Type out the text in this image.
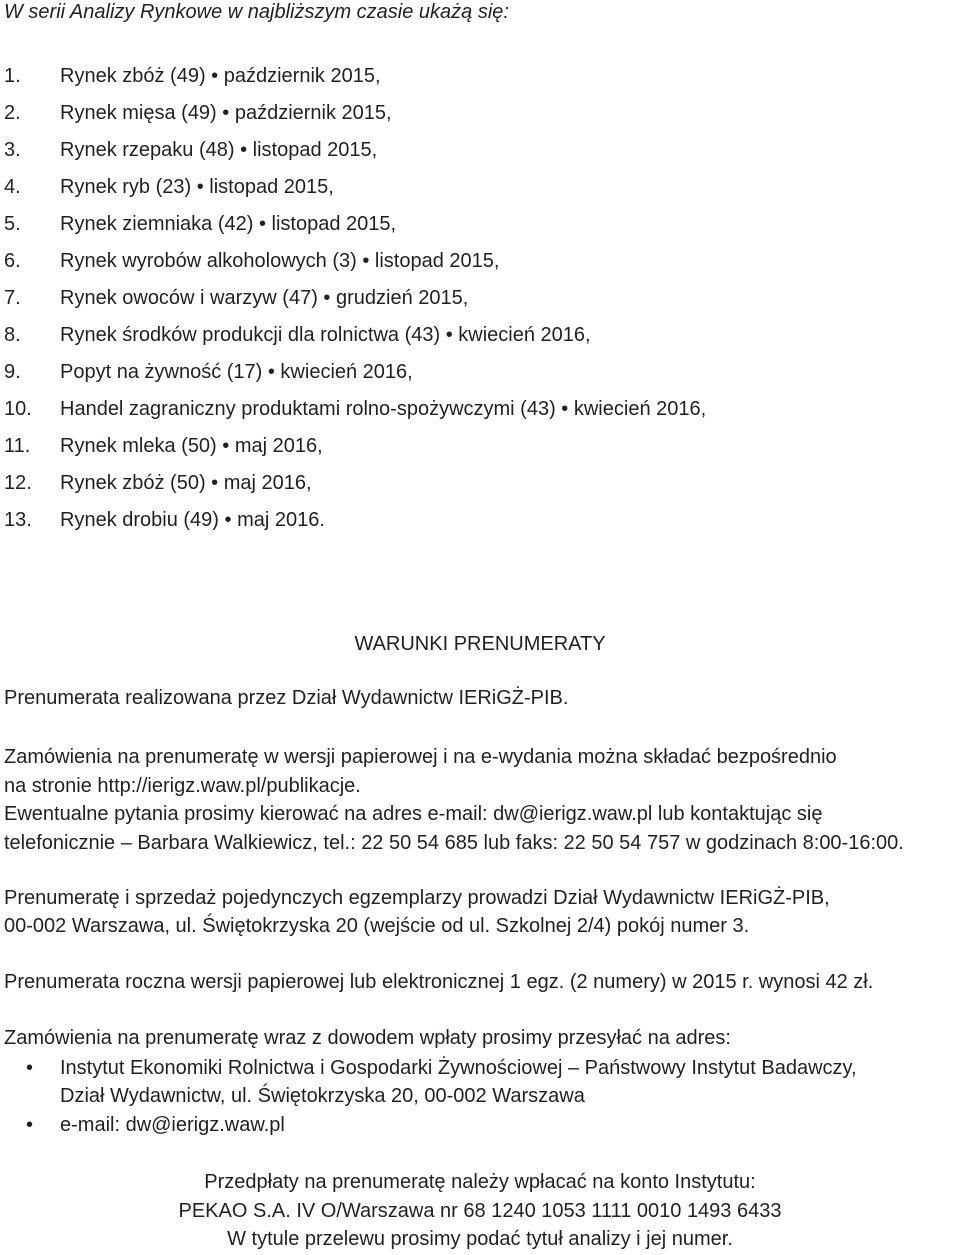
W serii Analizy Rynkowe w najbliższym czasie ukażą się:
1.	Rynek zbóż (49) • październik 2015,
2.	Rynek mięsa (49) • październik 2015,
3.	Rynek rzepaku (48) • listopad 2015,
4.	Rynek ryb (23) • listopad 2015,
5.	Rynek ziemniaka (42) • listopad 2015,
6.	Rynek wyrobów alkoholowych (3) • listopad 2015,
7.	Rynek owoców i warzyw (47) • grudzień 2015,
8.	Rynek środków produkcji dla rolnictwa (43) • kwiecień 2016,
9.	Popyt na żywność (17) • kwiecień 2016,
10.	Handel zagraniczny produktami rolno-spożywczymi (43) • kwiecień 2016,
11.	Rynek mleka (50) • maj 2016,
12.	Rynek zbóż (50) • maj 2016,
13.	Rynek drobiu (49) • maj 2016.
WARUNKI PRENUMERATY

Prenumerata realizowana przez Dział Wydawnictw IERiGŻ-PIB.

Zamówienia na prenumeratę w wersji papierowej i na e-wydania można składać bezpośrednio

na stronie http://ierigz.waw.pl/publikacje.

Ewentualne pytania prosimy kierować na adres e-mail: dw@ierigz.waw.pl lub kontaktując się

telefonicznie – Barbara Walkiewicz, tel.: 22 50 54 685 lub faks: 22 50 54 757 w godzinach 8:00-16:00.

Prenumeratę i sprzedaż pojedynczych egzemplarzy prowadzi Dział Wydawnictw IERiGŻ-PIB,

00-002 Warszawa, ul. Świętokrzyska 20 (wejście od ul. Szkolnej 2/4) pokój numer 3.

Prenumerata roczna wersji papierowej lub elektronicznej 1 egz. (2 numery) w 2015 r. wynosi 42 zł.

Zamówienia na prenumeratę wraz z dowodem wpłaty prosimy przesyłać na adres:

• Instytut Ekonomiki Rolnictwa i Gospodarki Żywnościowej – Państwowy Instytut Badawczy,
Dział Wydawnictw, ul. Świętokrzyska 20, 00-002 Warszawa
• e-mail: dw@ierigz.waw.pl
Przedpłaty na prenumeratę należy wpłacać na konto Instytutu:
PEKAO S.A. IV O/Warszawa nr 68 1240 1053 1111 0010 1493 6433
W tytule przelewu prosimy podać tytuł analizy i jej numer.
